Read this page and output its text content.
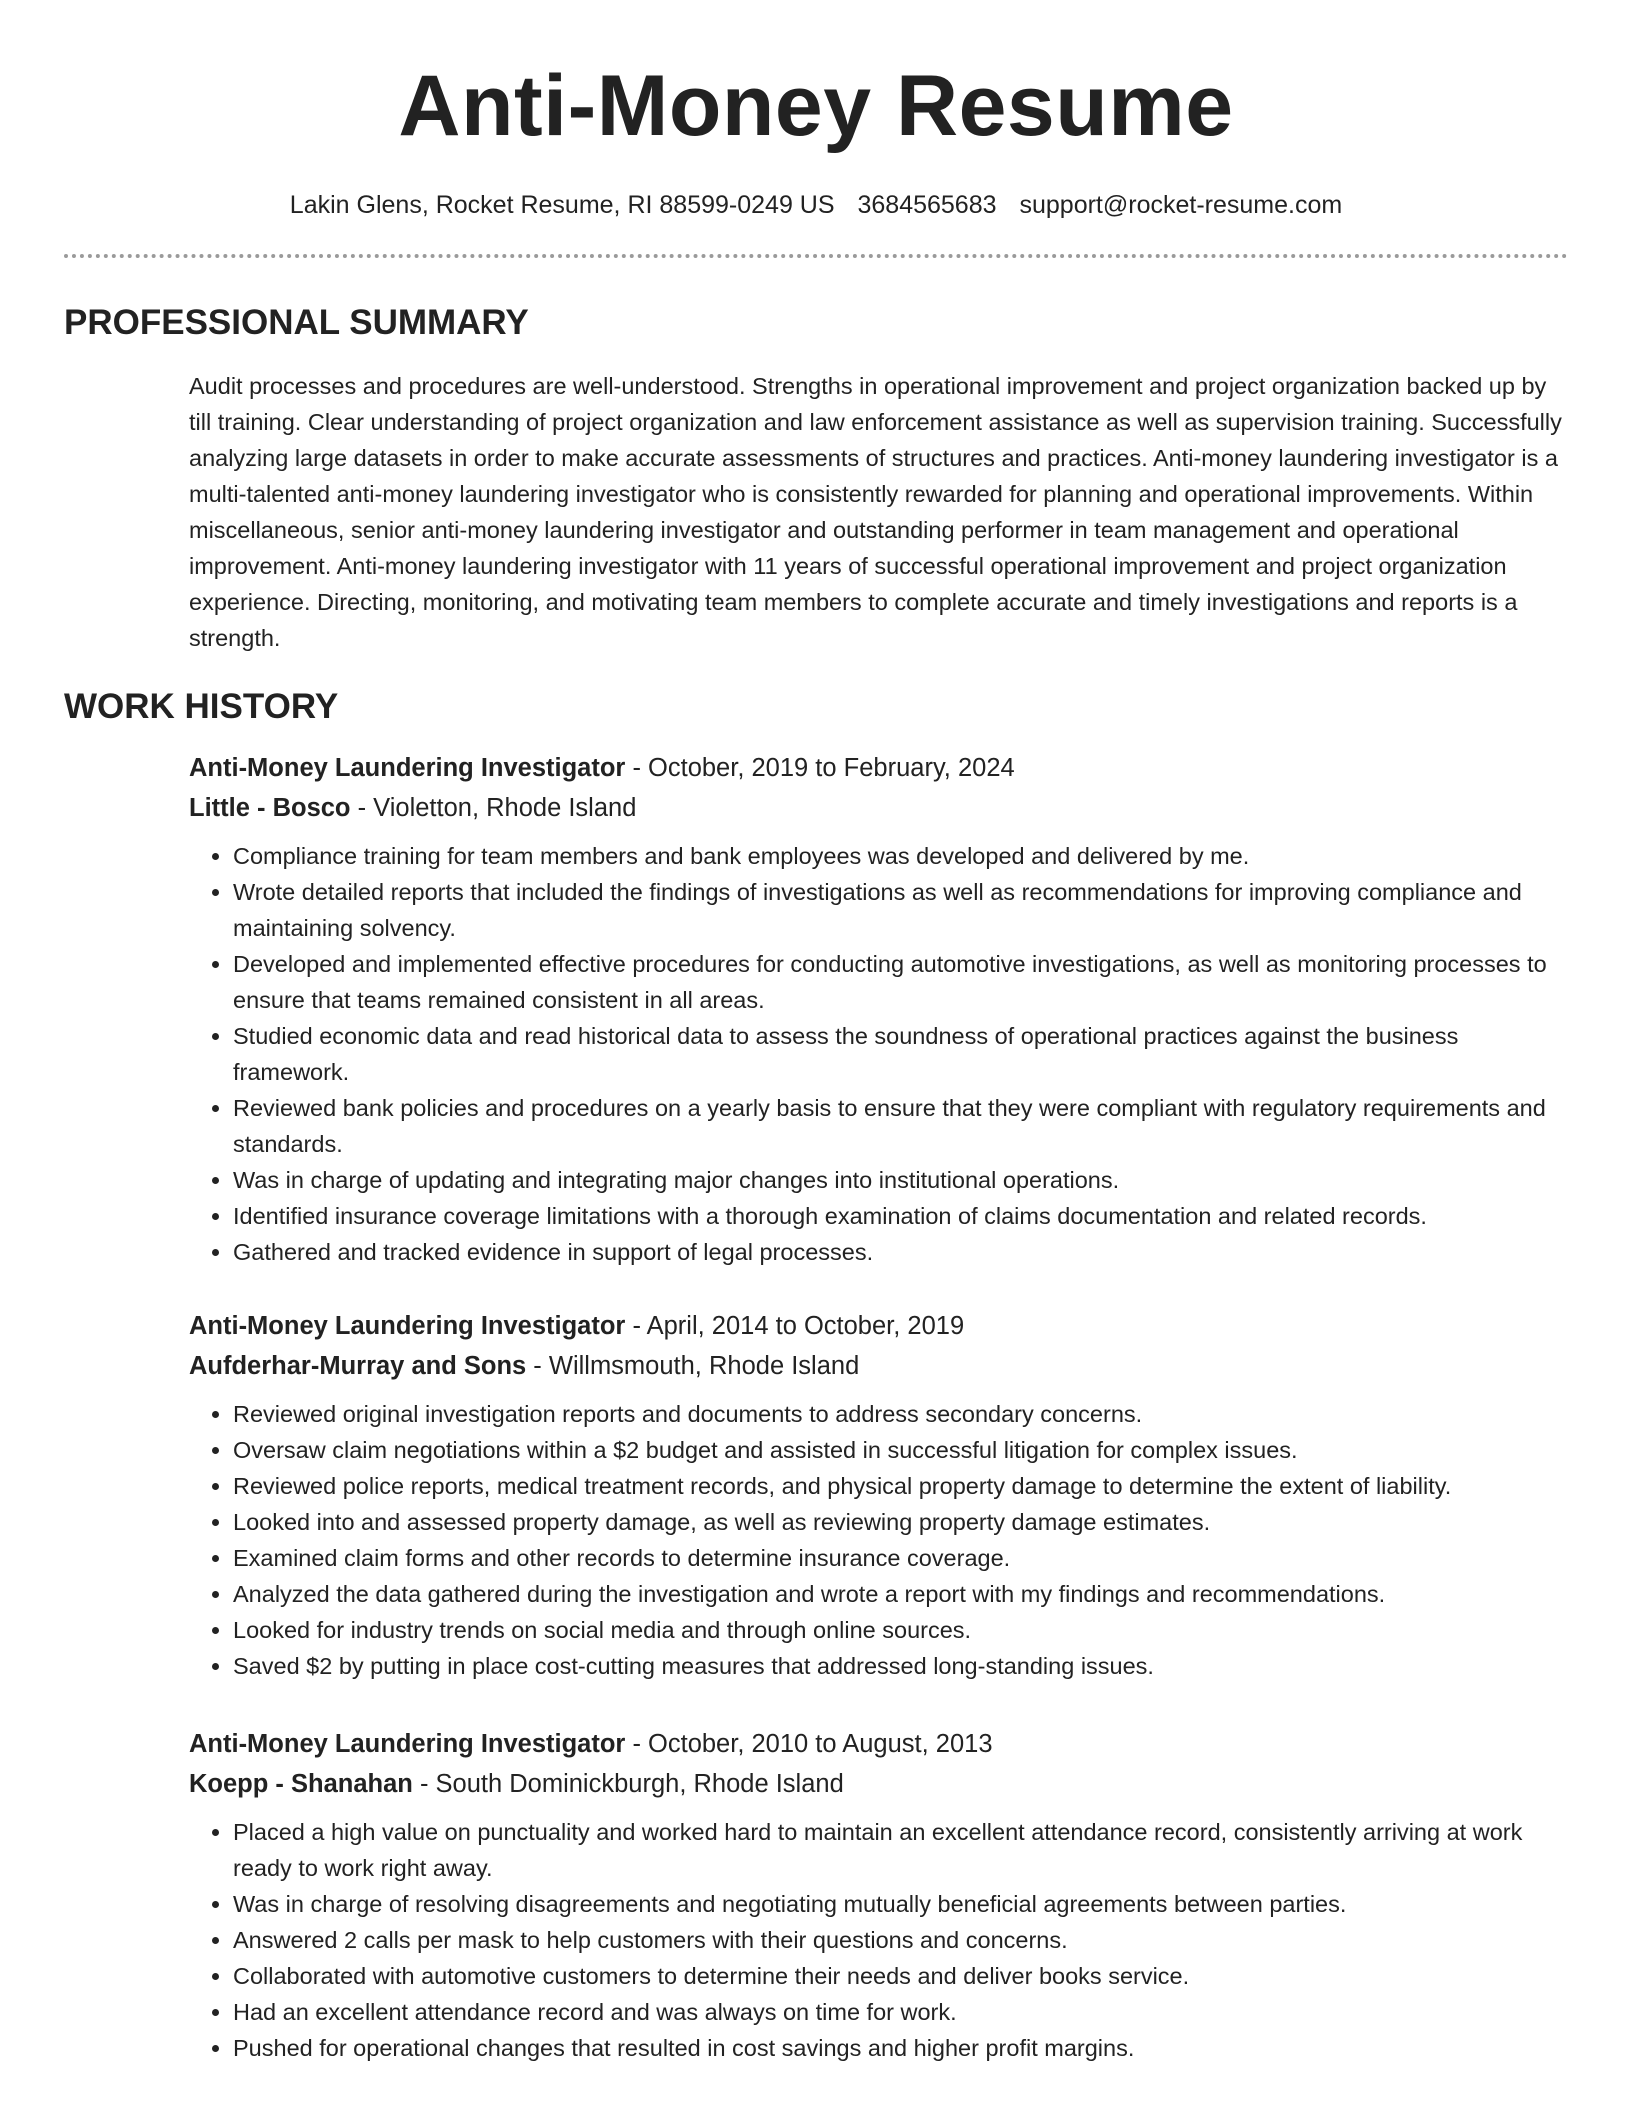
Anti-Money Resume
Lakin Glens, Rocket Resume, RI 88599-0249 US 3684565683 support@rocket-resume.com
PROFESSIONAL SUMMARY
Audit processes and procedures are well-understood. Strengths in operational improvement and project organization backed up by till training. Clear understanding of project organization and law enforcement assistance as well as supervision training. Successfully analyzing large datasets in order to make accurate assessments of structures and practices. Anti-money laundering investigator is a multi-talented anti-money laundering investigator who is consistently rewarded for planning and operational improvements. Within miscellaneous, senior anti-money laundering investigator and outstanding performer in team management and operational improvement. Anti-money laundering investigator with 11 years of successful operational improvement and project organization experience. Directing, monitoring, and motivating team members to complete accurate and timely investigations and reports is a strength.
WORK HISTORY
Anti-Money Laundering Investigator - October, 2019 to February, 2024
Little - Bosco - Violetton, Rhode Island
• Compliance training for team members and bank employees was developed and delivered by me.
• Wrote detailed reports that included the findings of investigations as well as recommendations for improving compliance and maintaining solvency.
• Developed and implemented effective procedures for conducting automotive investigations, as well as monitoring processes to ensure that teams remained consistent in all areas.
• Studied economic data and read historical data to assess the soundness of operational practices against the business framework.
• Reviewed bank policies and procedures on a yearly basis to ensure that they were compliant with regulatory requirements and standards.
• Was in charge of updating and integrating major changes into institutional operations.
• Identified insurance coverage limitations with a thorough examination of claims documentation and related records.
• Gathered and tracked evidence in support of legal processes.
Anti-Money Laundering Investigator - April, 2014 to October, 2019
Aufderhar-Murray and Sons - Willmsmouth, Rhode Island
• Reviewed original investigation reports and documents to address secondary concerns.
• Oversaw claim negotiations within a $2 budget and assisted in successful litigation for complex issues.
• Reviewed police reports, medical treatment records, and physical property damage to determine the extent of liability.
• Looked into and assessed property damage, as well as reviewing property damage estimates.
• Examined claim forms and other records to determine insurance coverage.
• Analyzed the data gathered during the investigation and wrote a report with my findings and recommendations.
• Looked for industry trends on social media and through online sources.
• Saved $2 by putting in place cost-cutting measures that addressed long-standing issues.
Anti-Money Laundering Investigator - October, 2010 to August, 2013
Koepp - Shanahan - South Dominickburgh, Rhode Island
• Placed a high value on punctuality and worked hard to maintain an excellent attendance record, consistently arriving at work ready to work right away.
• Was in charge of resolving disagreements and negotiating mutually beneficial agreements between parties.
• Answered 2 calls per mask to help customers with their questions and concerns.
• Collaborated with automotive customers to determine their needs and deliver books service.
• Had an excellent attendance record and was always on time for work.
• Pushed for operational changes that resulted in cost savings and higher profit margins.
